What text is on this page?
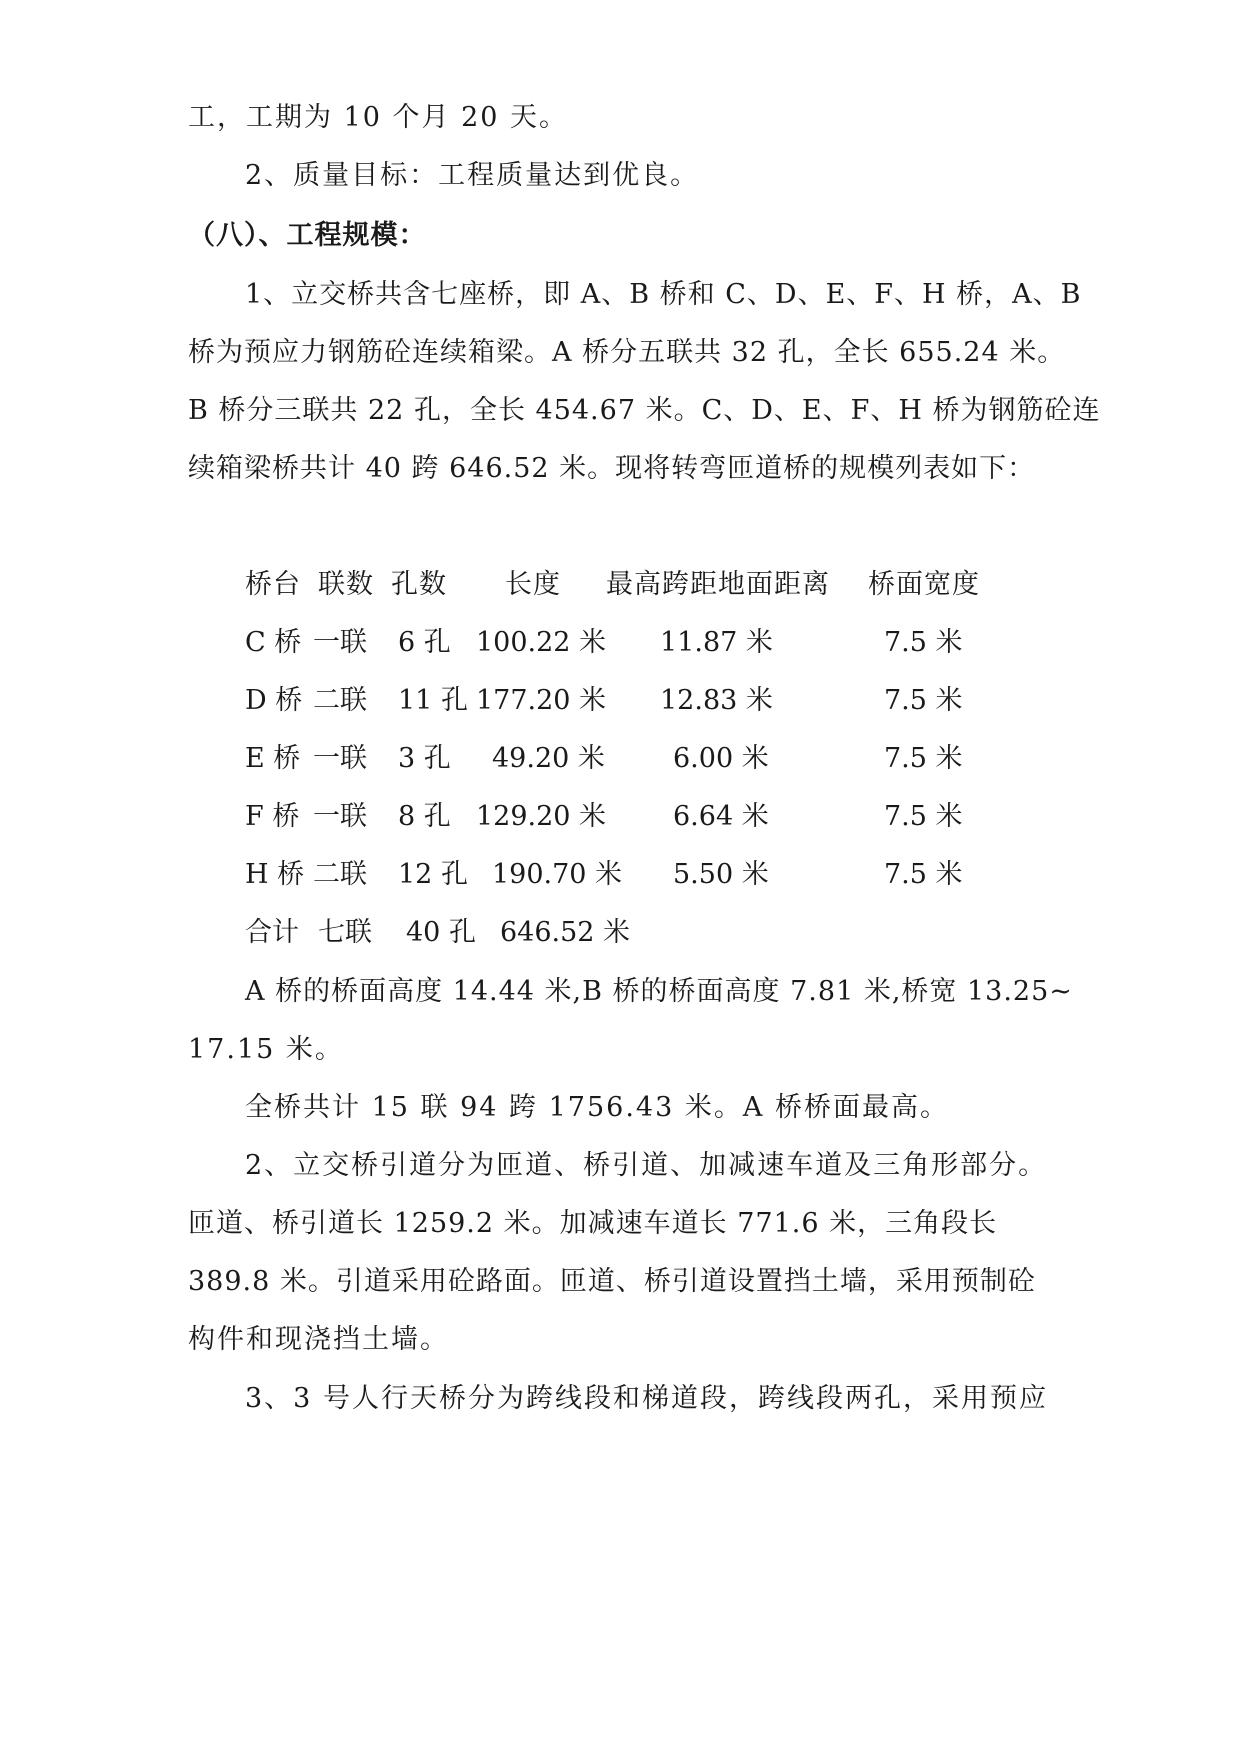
工，工期为 10 个月 20 天。
2、质量目标：工程质量达到优良。
（八）、工程规模：
1、立交桥共含七座桥，即 A、B 桥和 C、D、E、F、H 桥，A、B
桥为预应力钢筋砼连续箱梁。A 桥分五联共 32 孔，全长 655.24 米。
B 桥分三联共 22 孔，全长 454.67 米。C、D、E、F、H 桥为钢筋砼连
续箱梁桥共计 40 跨 646.52 米。现将转弯匝道桥的规模列表如下：
桥台 联数 孔数 长度 最高跨距地面距离 桥面宽度
C 桥 一联 6 孔 100.22 米 11.87 米	7.5 米
D 桥 二联 11 孔 177.20 米 12.83 米	7.5 米
E 桥 一联 3 孔 49.20 米	6.00 米	7.5 米
F 桥 一联 8 孔 129.20 米 6.64 米	7.5 米
H 桥 二联 12 孔 190.70 米 5.50 米	7.5 米
合计 七联 40 孔 646.52 米
A 桥的桥面高度 14.44 米,B 桥的桥面高度 7.81 米,桥宽 13.25~
17.15 米。
全桥共计 15 联 94 跨 1756.43 米。A 桥桥面最高。
2、立交桥引道分为匝道、桥引道、加减速车道及三角形部分。
匝道、桥引道长 1259.2 米。加减速车道长 771.6 米，三角段长
389.8 米。引道采用砼路面。匝道、桥引道设置挡土墙，采用预制砼
构件和现浇挡土墙。
3、3 号人行天桥分为跨线段和梯道段，跨线段两孔，采用预应
